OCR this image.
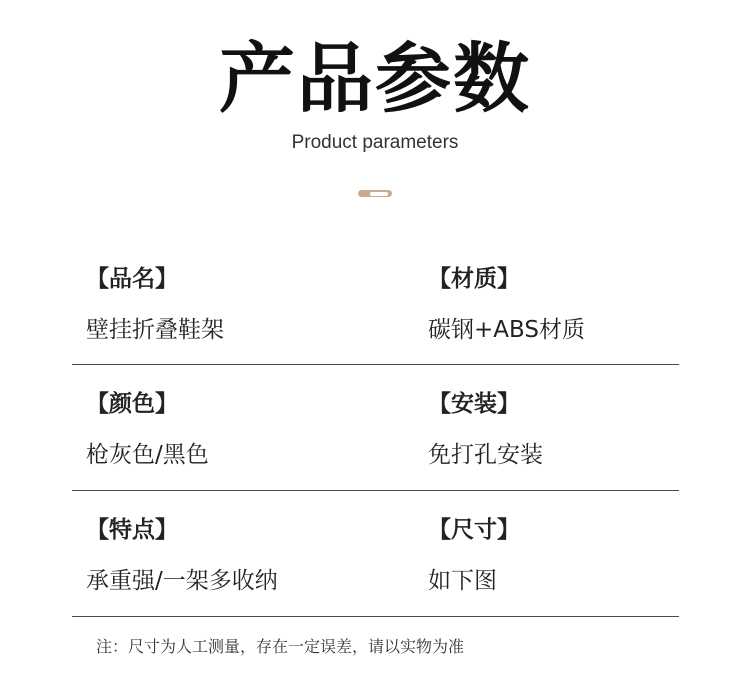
产品参数
Product parameters
【品名】
壁挂折叠鞋架
【材质】
碳钢+ABS材质
【颜色】
枪灰色/黑色
【安装】
免打孔安装
【特点】
承重强/一架多收纳
【尺寸】
如下图
注：尺寸为人工测量，存在一定误差，请以实物为准
